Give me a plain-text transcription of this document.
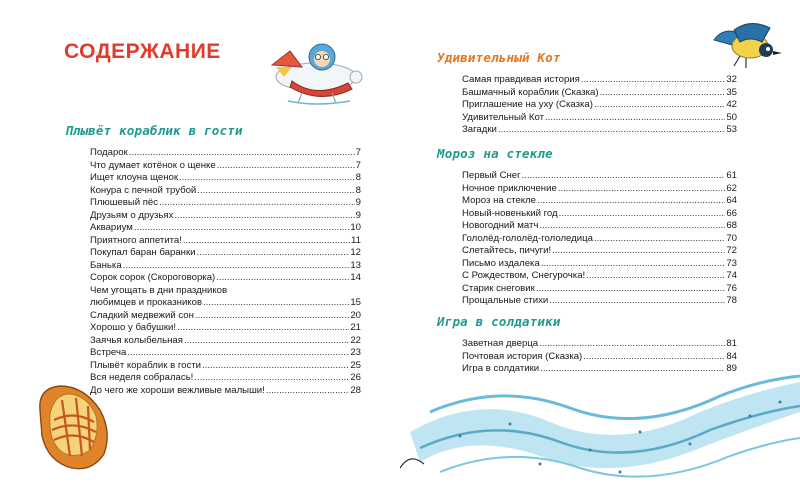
СОДЕРЖАНИЕ
Плывёт кораблик в гости
Подарок .....	7
Что думает котёнок о щенке .....	7
Ищет клоуна щенок .....	8
Конура с печной трубой .....	8
Плюшевый пёс .....	9
Друзьям о друзьях .....	9
Аквариум .....	10
Приятного аппетита! .....	11
Покупал баран баранки .....	12
Банька .....	13
Сорок сорок (Скороговорка) .....	14
Чем угощать в дни праздников
любимцев и проказников .....	15
Сладкий медвежий сон .....	20
Хорошо у бабушки! .....	21
Заячья колыбельная .....	22
Встреча .....	23
Плывёт кораблик в гости .....	25
Вся неделя собралась! .....	26
До чего же хороши вежливые малыши! .....	28
Удивительный Кот
Самая правдивая история .....	32
Башмачный кораблик (Сказка) .....	35
Приглашение на уху (Сказка) .....	42
Удивительный Кот .....	50
Загадки .....	53
Мороз на стекле
Первый Снег .....	61
Ночное приключение .....	62
Мороз на стекле .....	64
Новый-новенький год .....	66
Новогодний матч .....	68
Гололёд-гололёд-гололедица .....	70
Слетайтесь, пичуги! .....	72
Письмо издалека .....	73
С Рождеством, Снегурочка! .....	74
Старик снеговик .....	76
Прощальные стихи .....	78
Игра в солдатики
Заветная дверца .....	81
Почтовая история (Сказка) .....	84
Игра в солдатики .....	89
